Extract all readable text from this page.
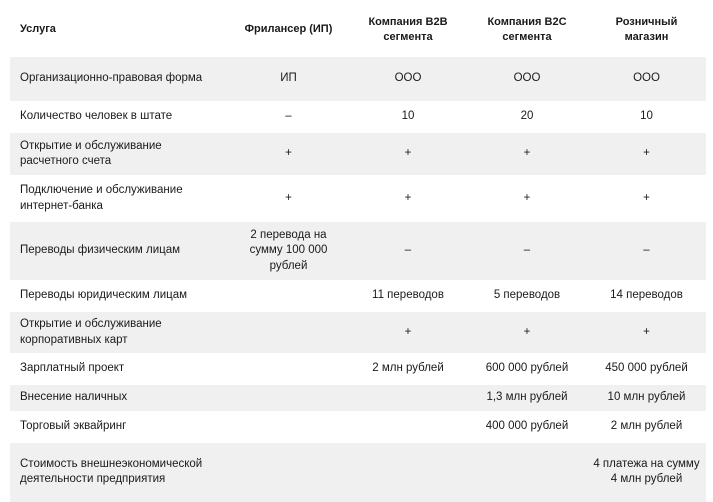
Услуга	Фрилансер (ИП)	Компания B2B сегмента	Компания B2C сегмента	Розничный магазин
Организационно-правовая форма	ИП	ООО	ООО	ООО
Количество человек в штате	–	10	20	10
Открытие и обслуживание расчетного счета	+	+	+	+
Подключение и обслуживание интернет-банка	+	+	+	+
Переводы физическим лицам	2 перевода на сумму 100 000 рублей	–	–	–
Переводы юридическим лицам		11 переводов	5 переводов	14 переводов
Открытие и обслуживание корпоративных карт		+	+	+
Зарплатный проект		2 млн рублей	600 000 рублей	450 000 рублей
Внесение наличных			1,3 млн рублей	10 млн рублей
Торговый эквайринг			400 000 рублей	2 млн рублей
Стоимость внешнеэкономической деятельности предприятия				4 платежа на сумму 4 млн рублей
